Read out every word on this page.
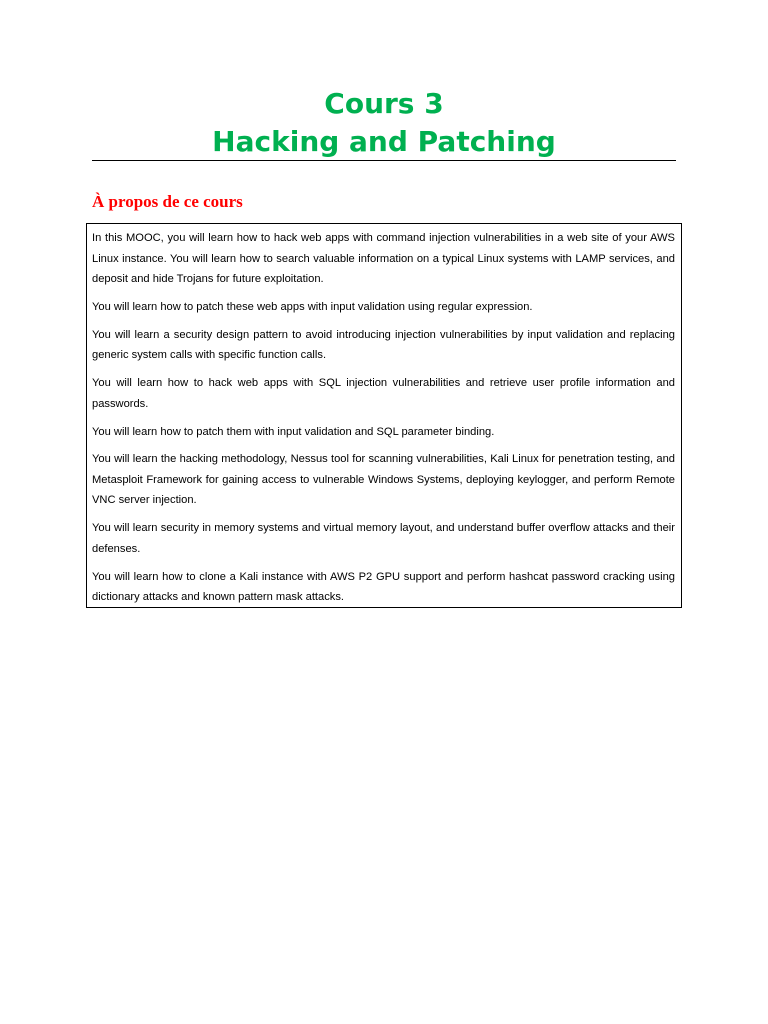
Cours 3
Hacking and Patching
À propos de ce cours

In this MOOC, you will learn how to hack web apps with command injection vulnerabilities in a web site of your AWS Linux instance. You will learn how to search valuable information on a typical Linux systems with LAMP services, and deposit and hide Trojans for future exploitation.

You will learn how to patch these web apps with input validation using regular expression.

You will learn a security design pattern to avoid introducing injection vulnerabilities by input validation and replacing generic system calls with specific function calls.

You will learn how to hack web apps with SQL injection vulnerabilities and retrieve user profile information and passwords.

You will learn how to patch them with input validation and SQL parameter binding.

You will learn the hacking methodology, Nessus tool for scanning vulnerabilities, Kali Linux for penetration testing, and Metasploit Framework for gaining access to vulnerable Windows Systems, deploying keylogger, and perform Remote VNC server injection.

You will learn security in memory systems and virtual memory layout, and understand buffer overflow attacks and their defenses.

You will learn how to clone a Kali instance with AWS P2 GPU support and perform hashcat password cracking using dictionary attacks and known pattern mask attacks.
